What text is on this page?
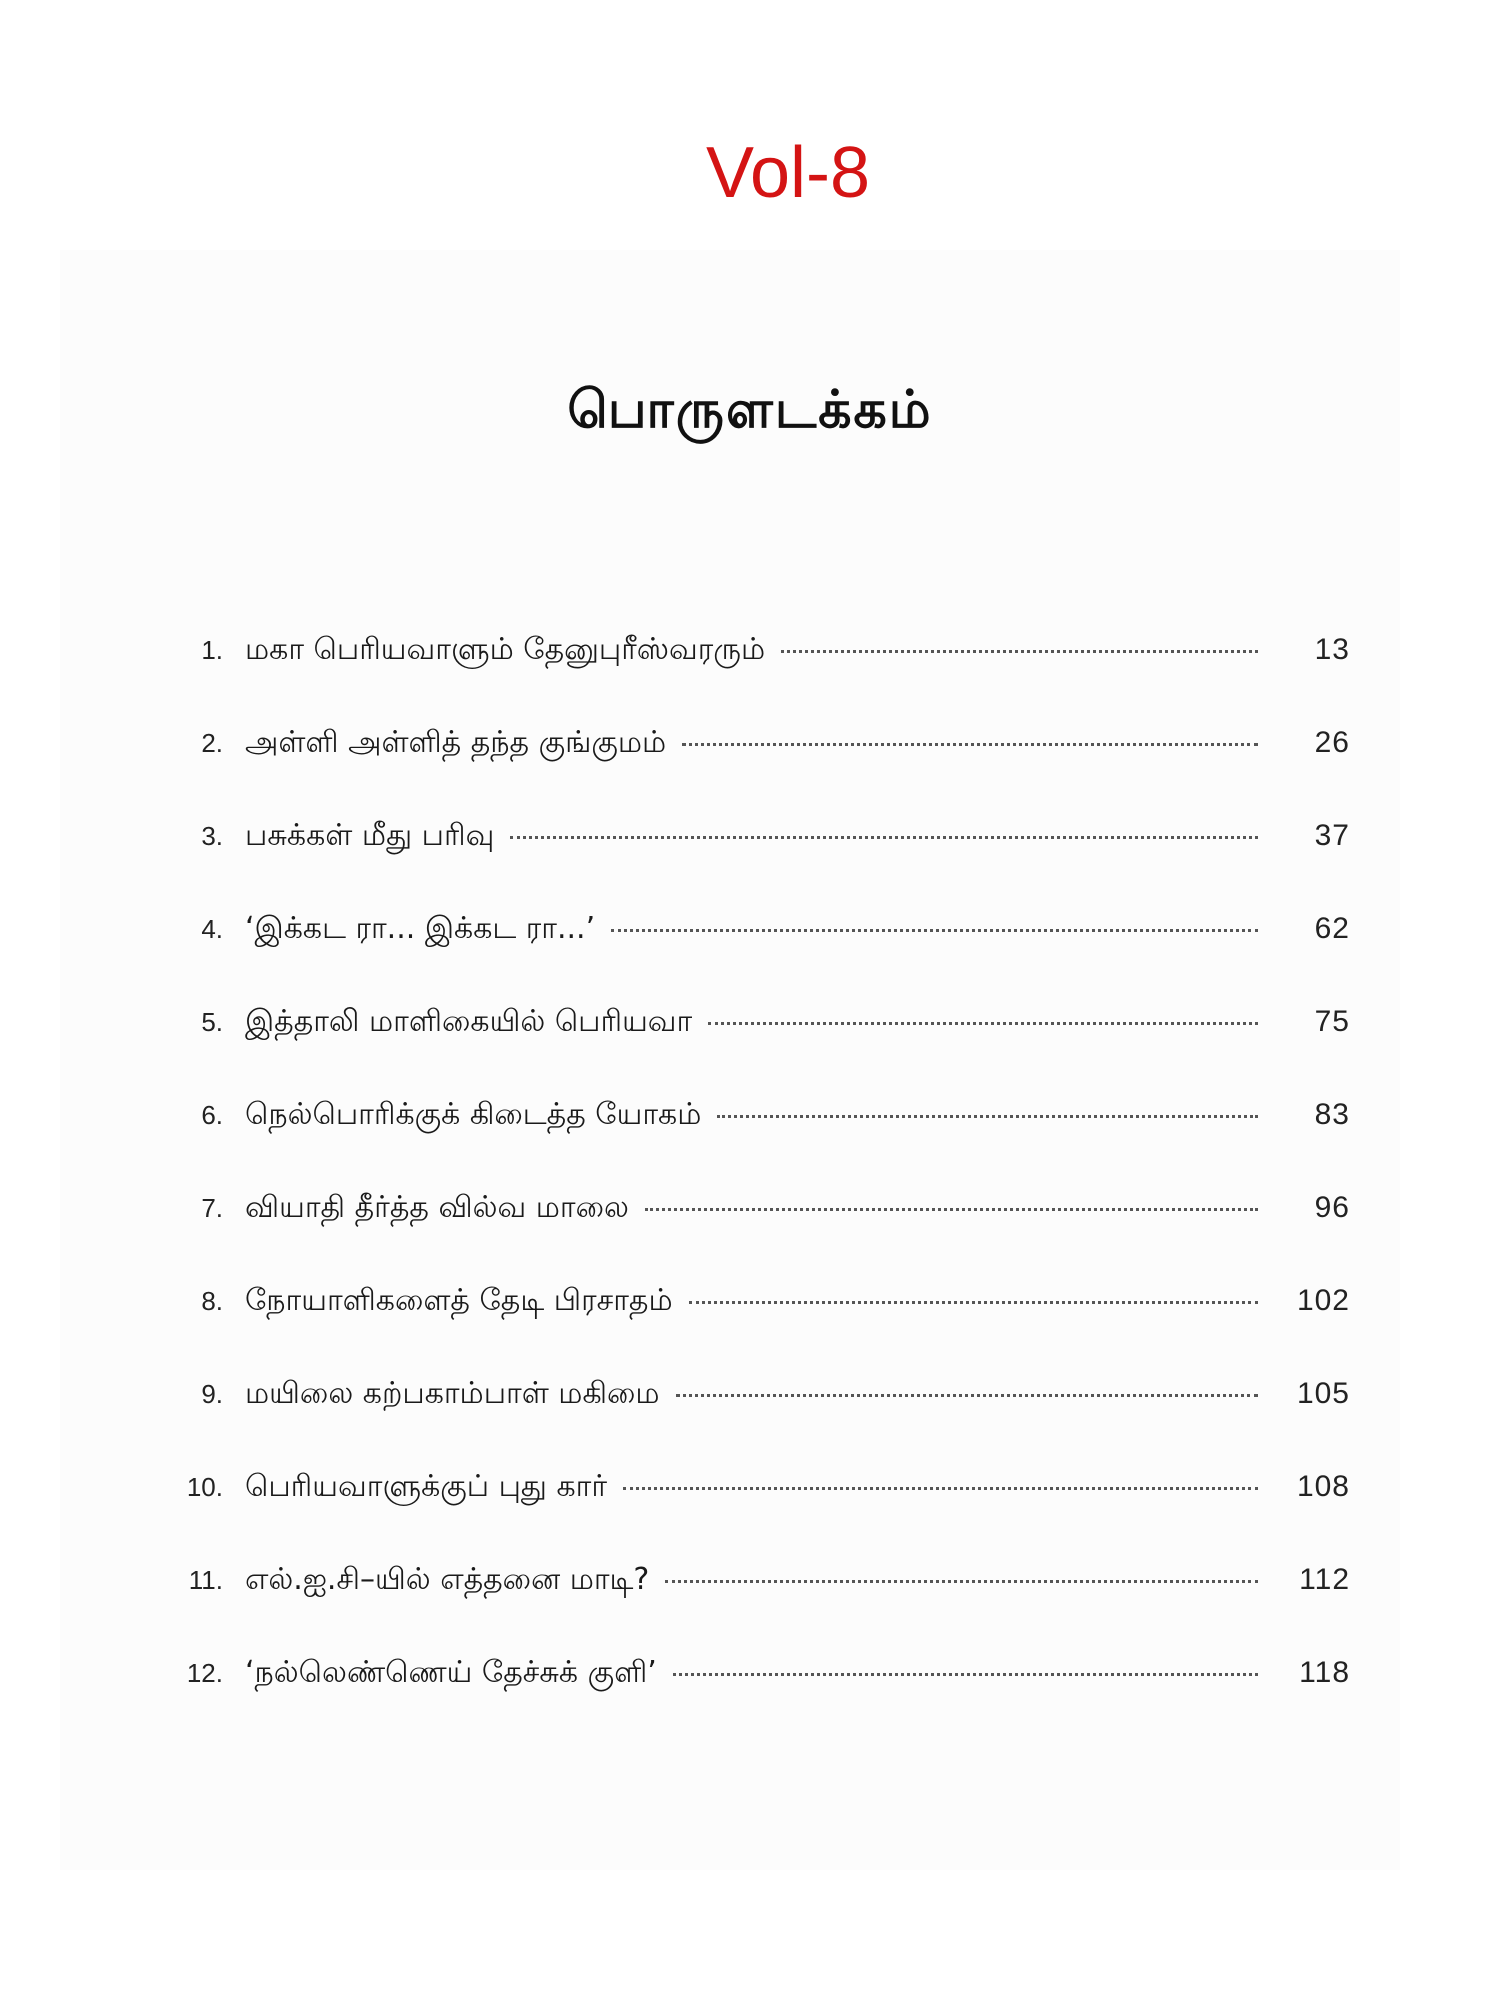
Vol-8
பொருளடக்கம்
1. மகா பெரியவாளும் தேனுபுரீஸ்வரரும்	13
2. அள்ளி அள்ளித் தந்த குங்குமம்	26
3. பசுக்கள் மீது பரிவு	37
4. ‘இக்கட ரா... இக்கட ரா...’	62
5. இத்தாலி மாளிகையில் பெரியவா	75
6. நெல்பொரிக்குக் கிடைத்த யோகம்	83
7. வியாதி தீர்த்த வில்வ மாலை	96
8. நோயாளிகளைத் தேடி பிரசாதம்	102
9. மயிலை கற்பகாம்பாள் மகிமை	105
10. பெரியவாளுக்குப் புது கார்	108
11. எல்.ஐ.சி–யில் எத்தனை மாடி?	112
12. ‘நல்லெண்ணெய் தேச்சுக் குளி’	118
